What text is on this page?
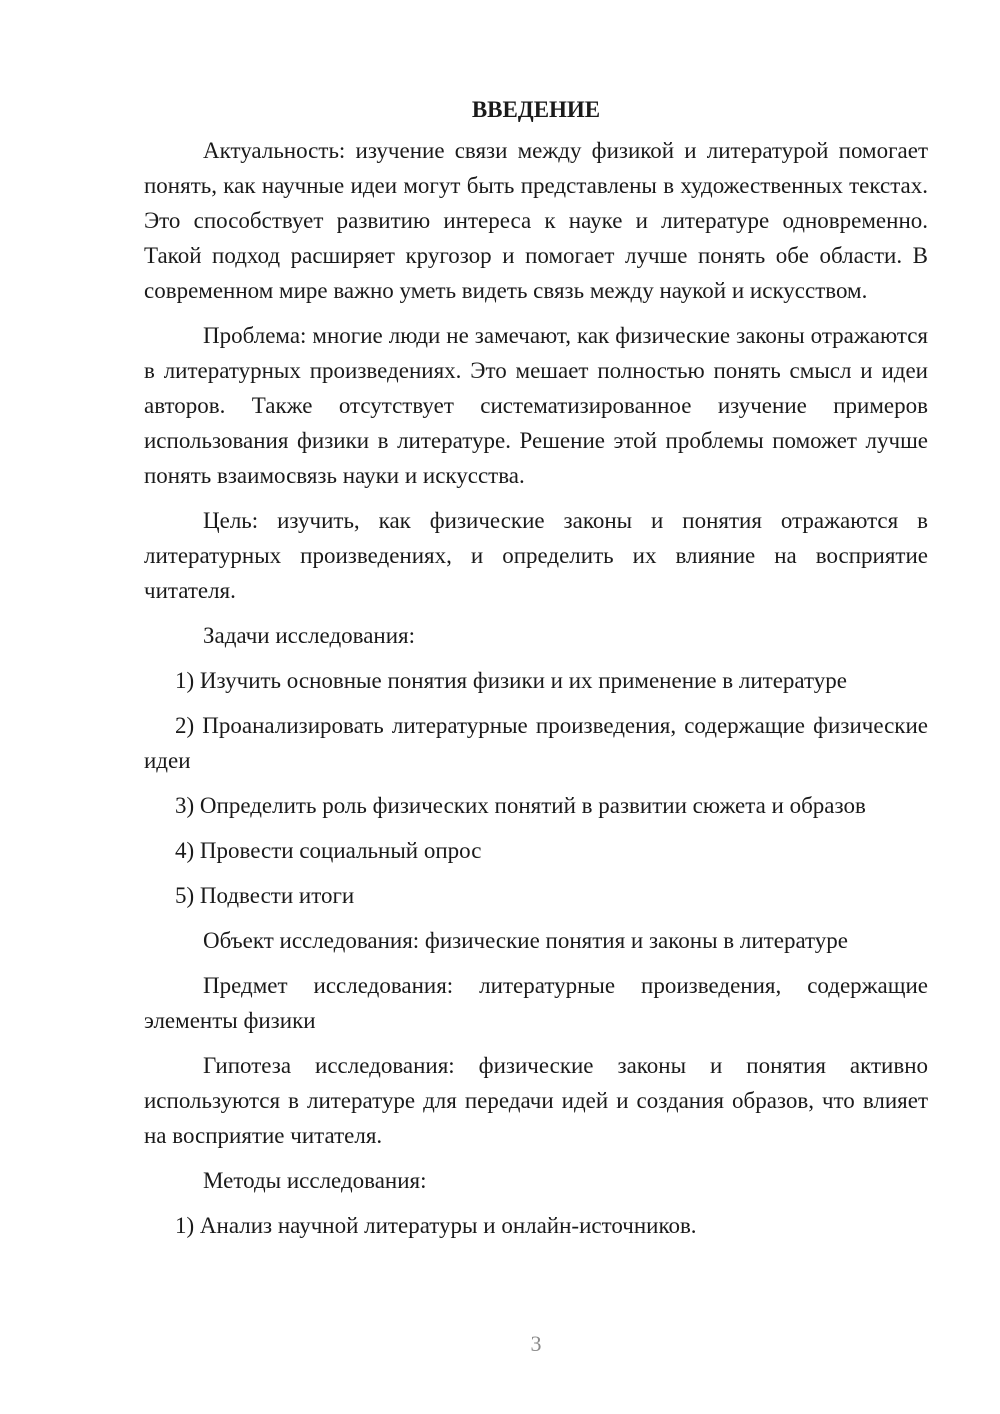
ВВЕДЕНИЕ

Актуальность: изучение связи между физикой и литературой помогает понять, как научные идеи могут быть представлены в художественных текстах. Это способствует развитию интереса к науке и литературе одновременно. Такой подход расширяет кругозор и помогает лучше понять обе области. В современном мире важно уметь видеть связь между наукой и искусством.

Проблема: многие люди не замечают, как физические законы отражаются в литературных произведениях. Это мешает полностью понять смысл и идеи авторов. Также отсутствует систематизированное изучение примеров использования физики в литературе. Решение этой проблемы поможет лучше понять взаимосвязь науки и искусства.

Цель: изучить, как физические законы и понятия отражаются в литературных произведениях, и определить их влияние на восприятие читателя.

Задачи исследования:

1) Изучить основные понятия физики и их применение в литературе

2) Проанализировать литературные произведения, содержащие физические идеи

3) Определить роль физических понятий в развитии сюжета и образов

4) Провести социальный опрос

5) Подвести итоги

Объект исследования: физические понятия и законы в литературе

Предмет исследования: литературные произведения, содержащие элементы физики

Гипотеза исследования: физические законы и понятия активно используются в литературе для передачи идей и создания образов, что влияет на восприятие читателя.

Методы исследования:

1) Анализ научной литературы и онлайн-источников.

3
